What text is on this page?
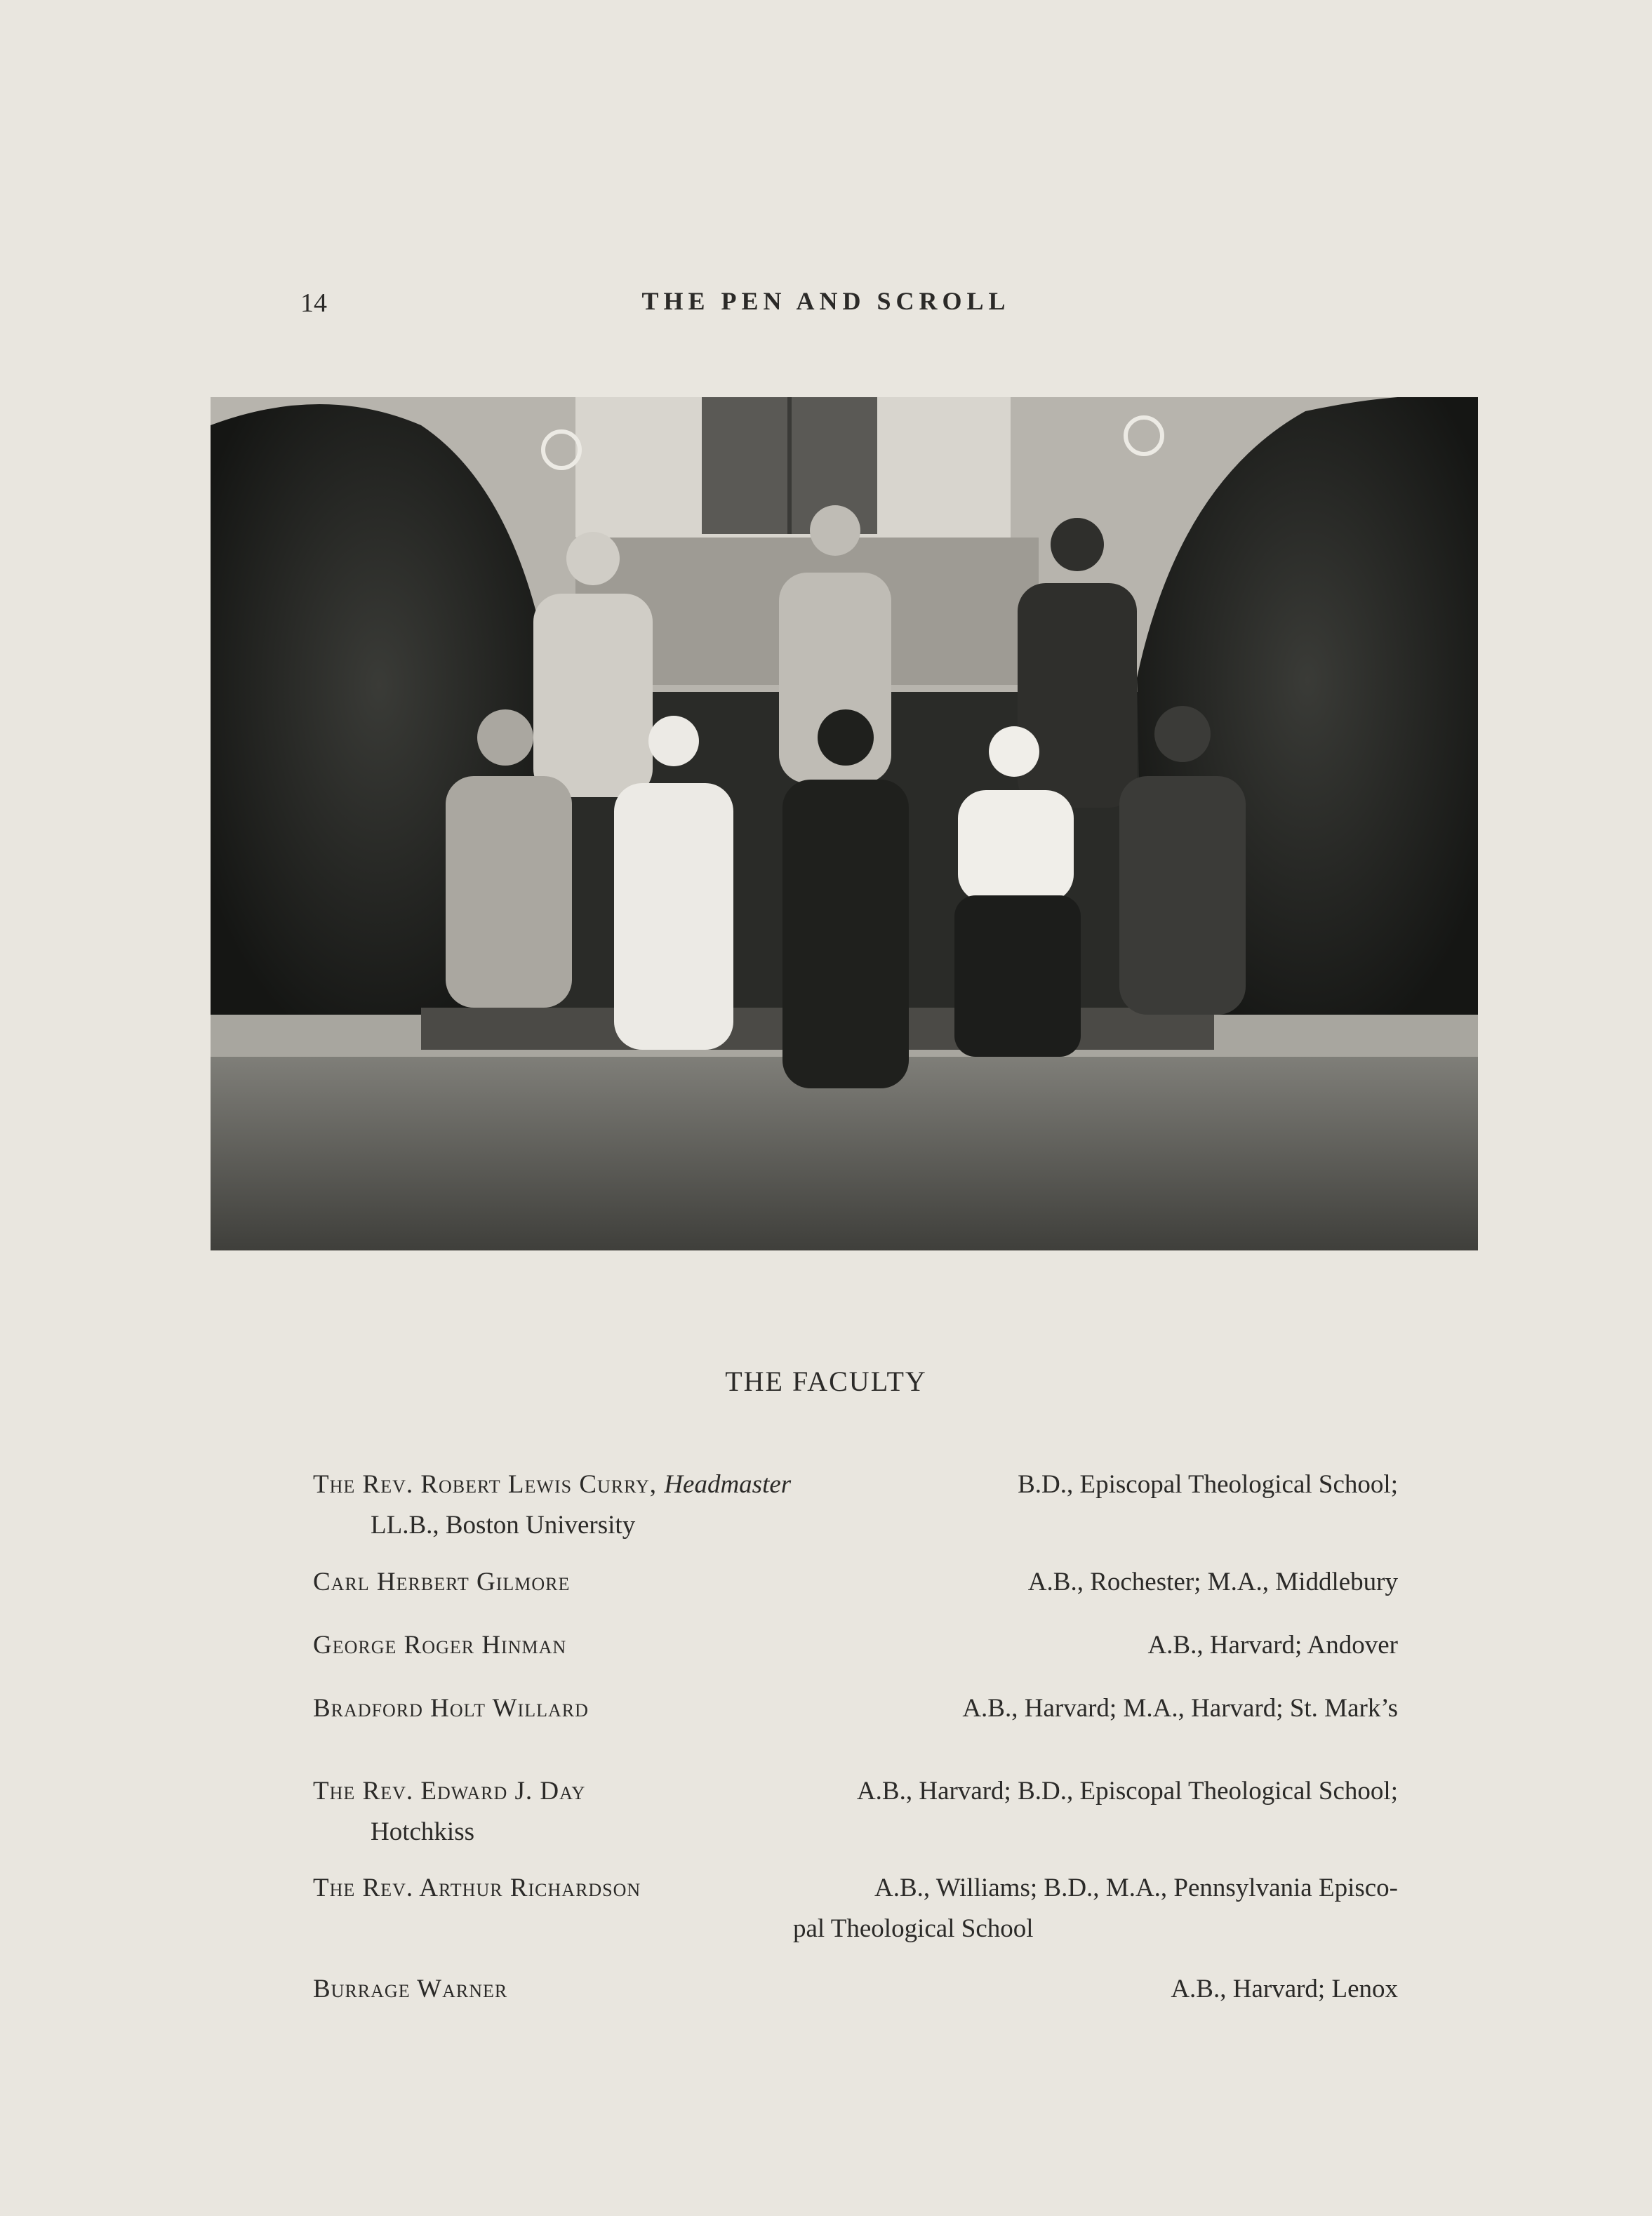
14	THE PEN AND SCROLL
THE FACULTY
The Rev. Robert Lewis Curry, Headmaster	B.D., Episcopal Theological School;
LL.B., Boston University
Carl Herbert Gilmore	A.B., Rochester; M.A., Middlebury
George Roger Hinman	A.B., Harvard; Andover
Bradford Holt Willard	A.B., Harvard; M.A., Harvard; St. Mark’s
The Rev. Edward J. Day	A.B., Harvard; B.D., Episcopal Theological School;
Hotchkiss
The Rev. Arthur Richardson	A.B., Williams; B.D., M.A., Pennsylvania Episco-
pal Theological School
Burrage Warner	A.B., Harvard; Lenox
